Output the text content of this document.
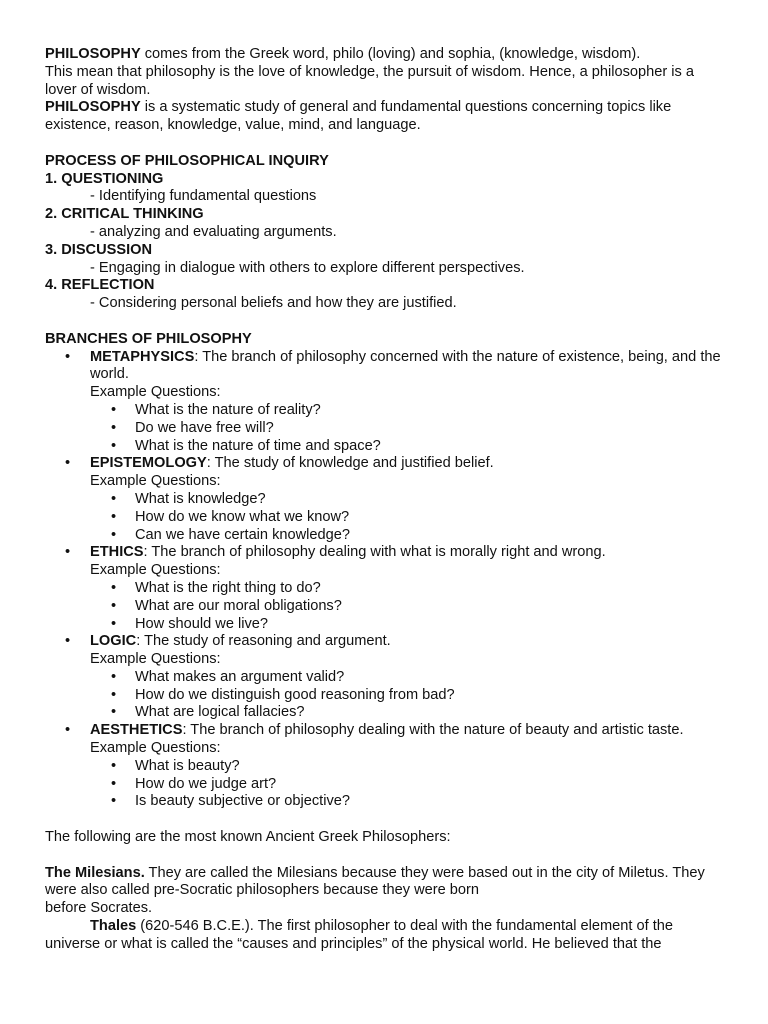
PHILOSOPHY comes from the Greek word, philo (loving) and sophia, (knowledge, wisdom).

This mean that philosophy is the love of knowledge, the pursuit of wisdom. Hence, a philosopher is a lover of wisdom.

PHILOSOPHY is a systematic study of general and fundamental questions concerning topics like existence, reason, knowledge, value, mind, and language.

PROCESS OF PHILOSOPHICAL INQUIRY

1. QUESTIONING

- Identifying fundamental questions

2. CRITICAL THINKING

- analyzing and evaluating arguments.

3. DISCUSSION

- Engaging in dialogue with others to explore different perspectives.

4. REFLECTION

- Considering personal beliefs and how they are justified.

BRANCHES OF PHILOSOPHY

• METAPHYSICS: The branch of philosophy concerned with the nature of existence, being, and the world.

Example Questions:

• What is the nature of reality?
• Do we have free will?
• What is the nature of time and space?
• EPISTEMOLOGY: The study of knowledge and justified belief.

Example Questions:

• What is knowledge?
• How do we know what we know?
• Can we have certain knowledge?
• ETHICS: The branch of philosophy dealing with what is morally right and wrong.

Example Questions:

• What is the right thing to do?
• What are our moral obligations?
• How should we live?
• LOGIC: The study of reasoning and argument.

Example Questions:

• What makes an argument valid?
• How do we distinguish good reasoning from bad?
• What are logical fallacies?
• AESTHETICS: The branch of philosophy dealing with the nature of beauty and artistic taste.

Example Questions:

• What is beauty?
• How do we judge art?
• Is beauty subjective or objective?

The following are the most known Ancient Greek Philosophers:

The Milesians. They are called the Milesians because they were based out in the city of Miletus. They were also called pre-Socratic philosophers because they were born

before Socrates.

Thales (620-546 B.C.E.). The first philosopher to deal with the fundamental element of the universe or what is called the “causes and principles” of the physical world. He believed that the
